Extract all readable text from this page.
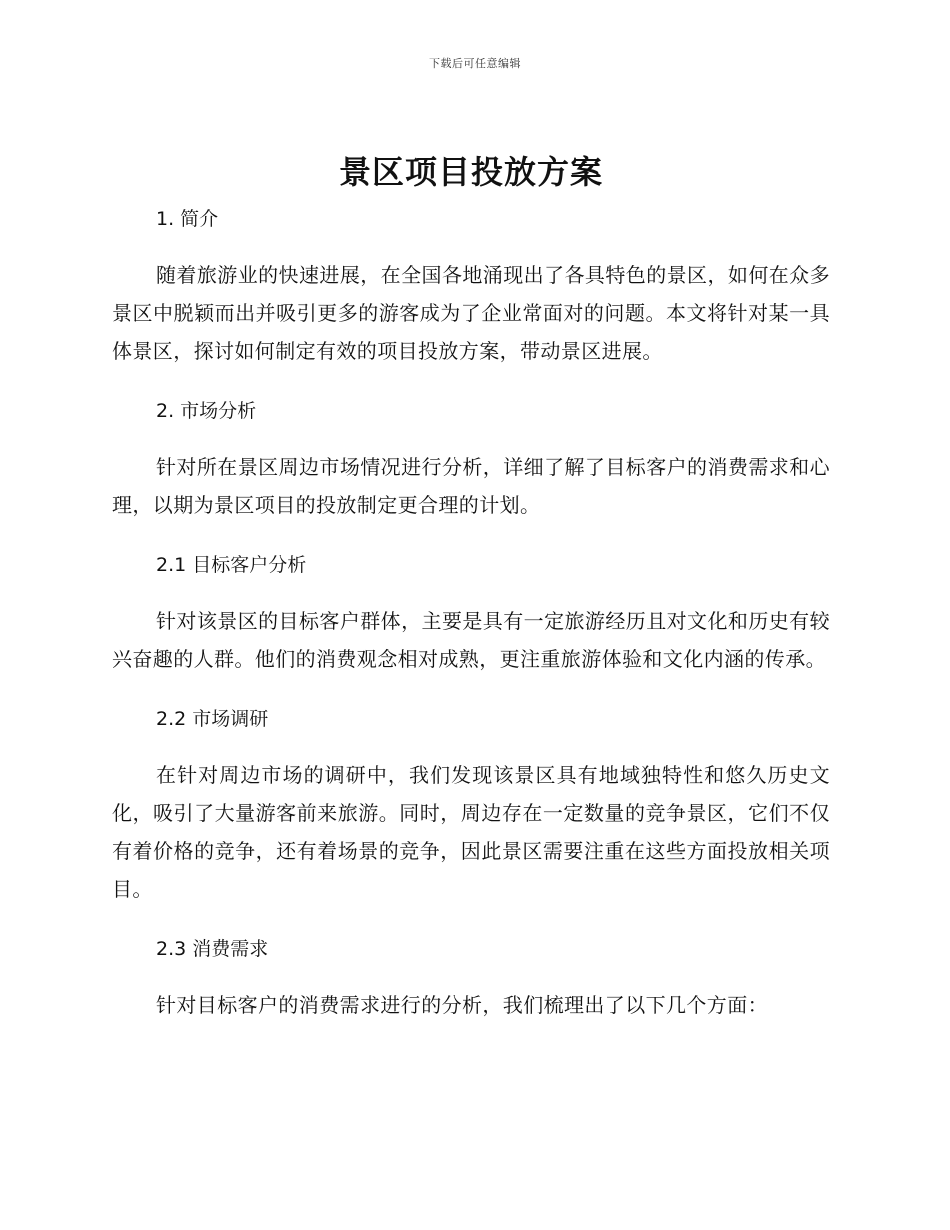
下载后可任意编辑
景区项目投放方案
1. 简介

随着旅游业的快速进展，在全国各地涌现出了各具特色的景区，如何在众多景区中脱颖而出并吸引更多的游客成为了企业常面对的问题。本文将针对某一具体景区，探讨如何制定有效的项目投放方案，带动景区进展。

2. 市场分析

针对所在景区周边市场情况进行分析，详细了解了目标客户的消费需求和心理，以期为景区项目的投放制定更合理的计划。

2.1 目标客户分析

针对该景区的目标客户群体，主要是具有一定旅游经历且对文化和历史有较兴奋趣的人群。他们的消费观念相对成熟，更注重旅游体验和文化内涵的传承。

2.2 市场调研

在针对周边市场的调研中，我们发现该景区具有地域独特性和悠久历史文化，吸引了大量游客前来旅游。同时，周边存在一定数量的竞争景区，它们不仅有着价格的竞争，还有着场景的竞争，因此景区需要注重在这些方面投放相关项目。

2.3 消费需求

针对目标客户的消费需求进行的分析，我们梳理出了以下几个方面：
